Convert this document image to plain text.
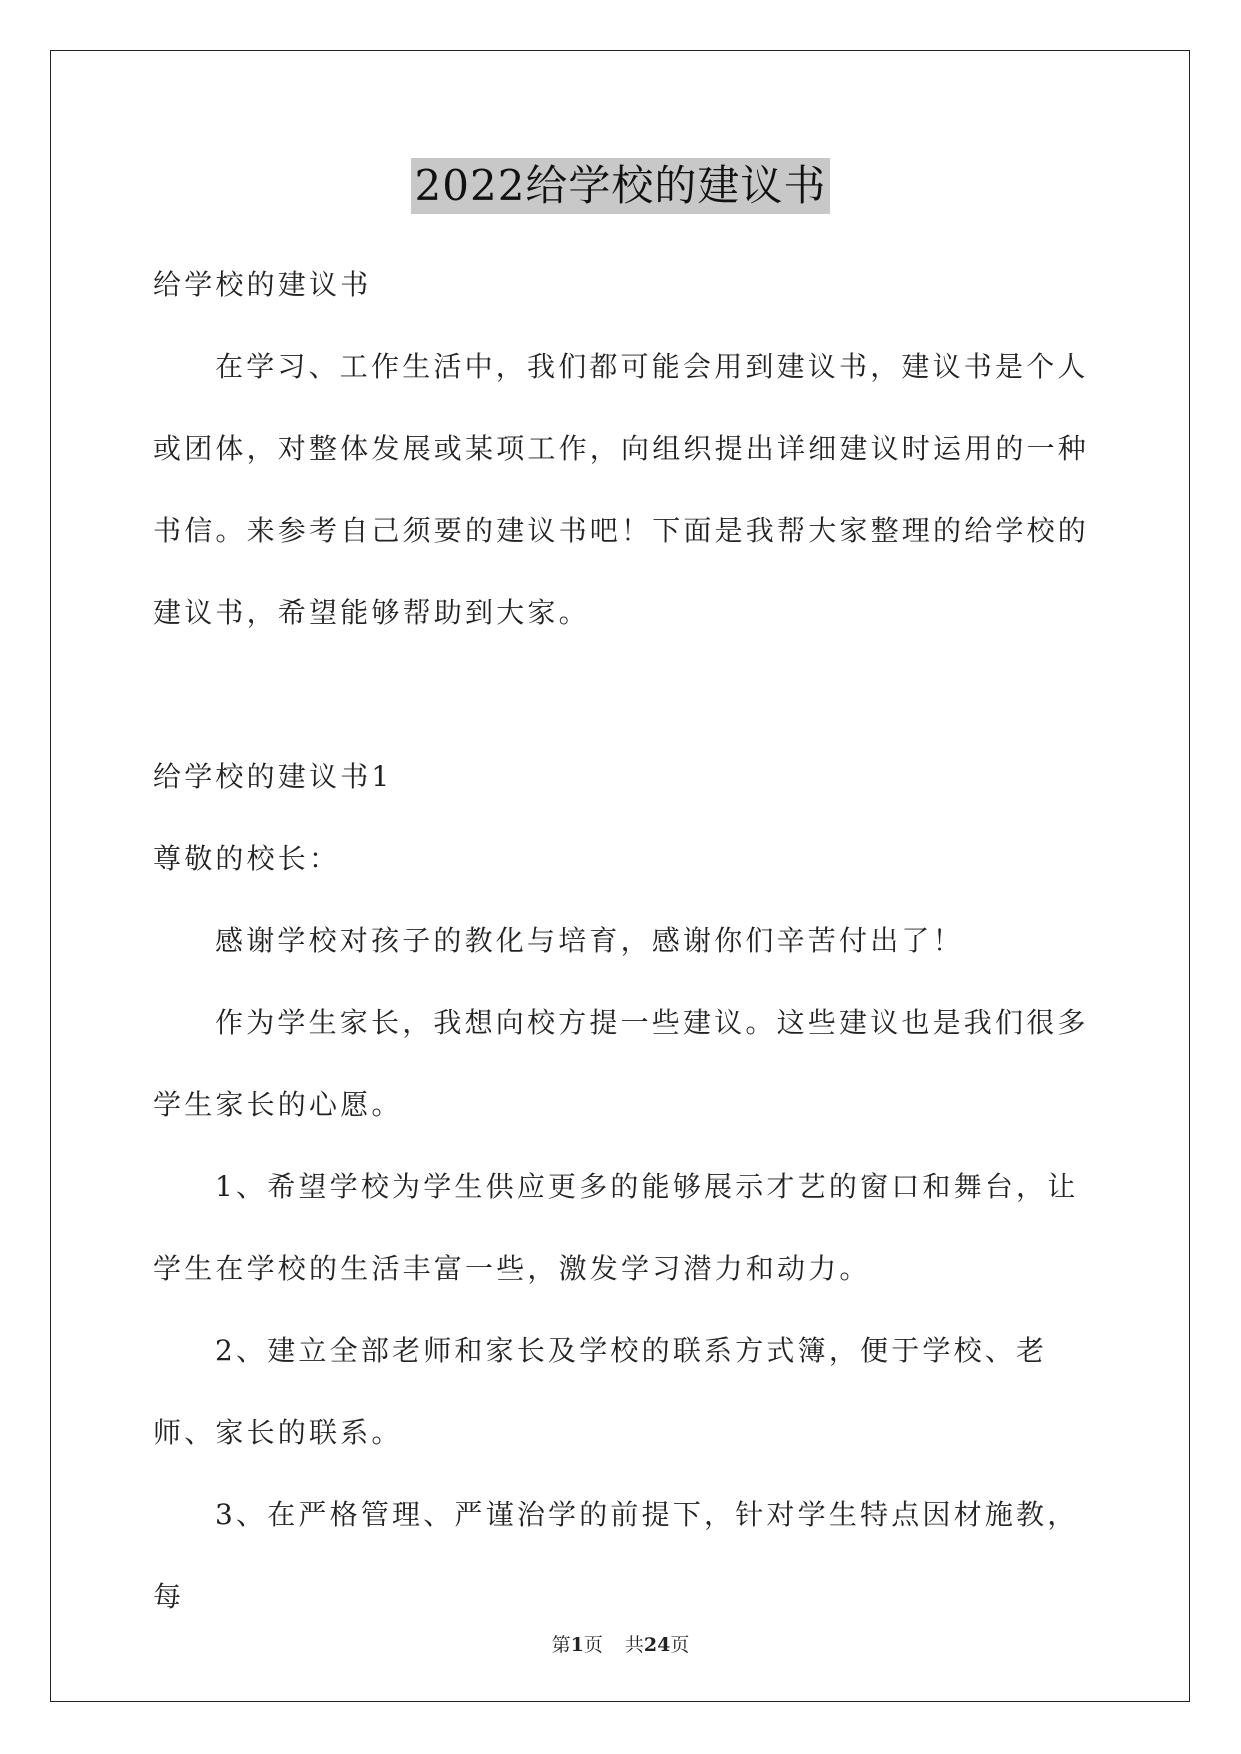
2022给学校的建议书

给学校的建议书

在学习、工作生活中，我们都可能会用到建议书，建议书是个人或团体，对整体发展或某项工作，向组织提出详细建议时运用的一种书信。来参考自己须要的建议书吧！下面是我帮大家整理的给学校的建议书，希望能够帮助到大家。

给学校的建议书1

尊敬的校长：

感谢学校对孩子的教化与培育，感谢你们辛苦付出了！

作为学生家长，我想向校方提一些建议。这些建议也是我们很多学生家长的心愿。

1、希望学校为学生供应更多的能够展示才艺的窗口和舞台，让学生在学校的生活丰富一些，激发学习潜力和动力。

2、建立全部老师和家长及学校的联系方式簿，便于学校、老师、家长的联系。

3、在严格管理、严谨治学的前提下，针对学生特点因材施教，每

第1页 共24页
